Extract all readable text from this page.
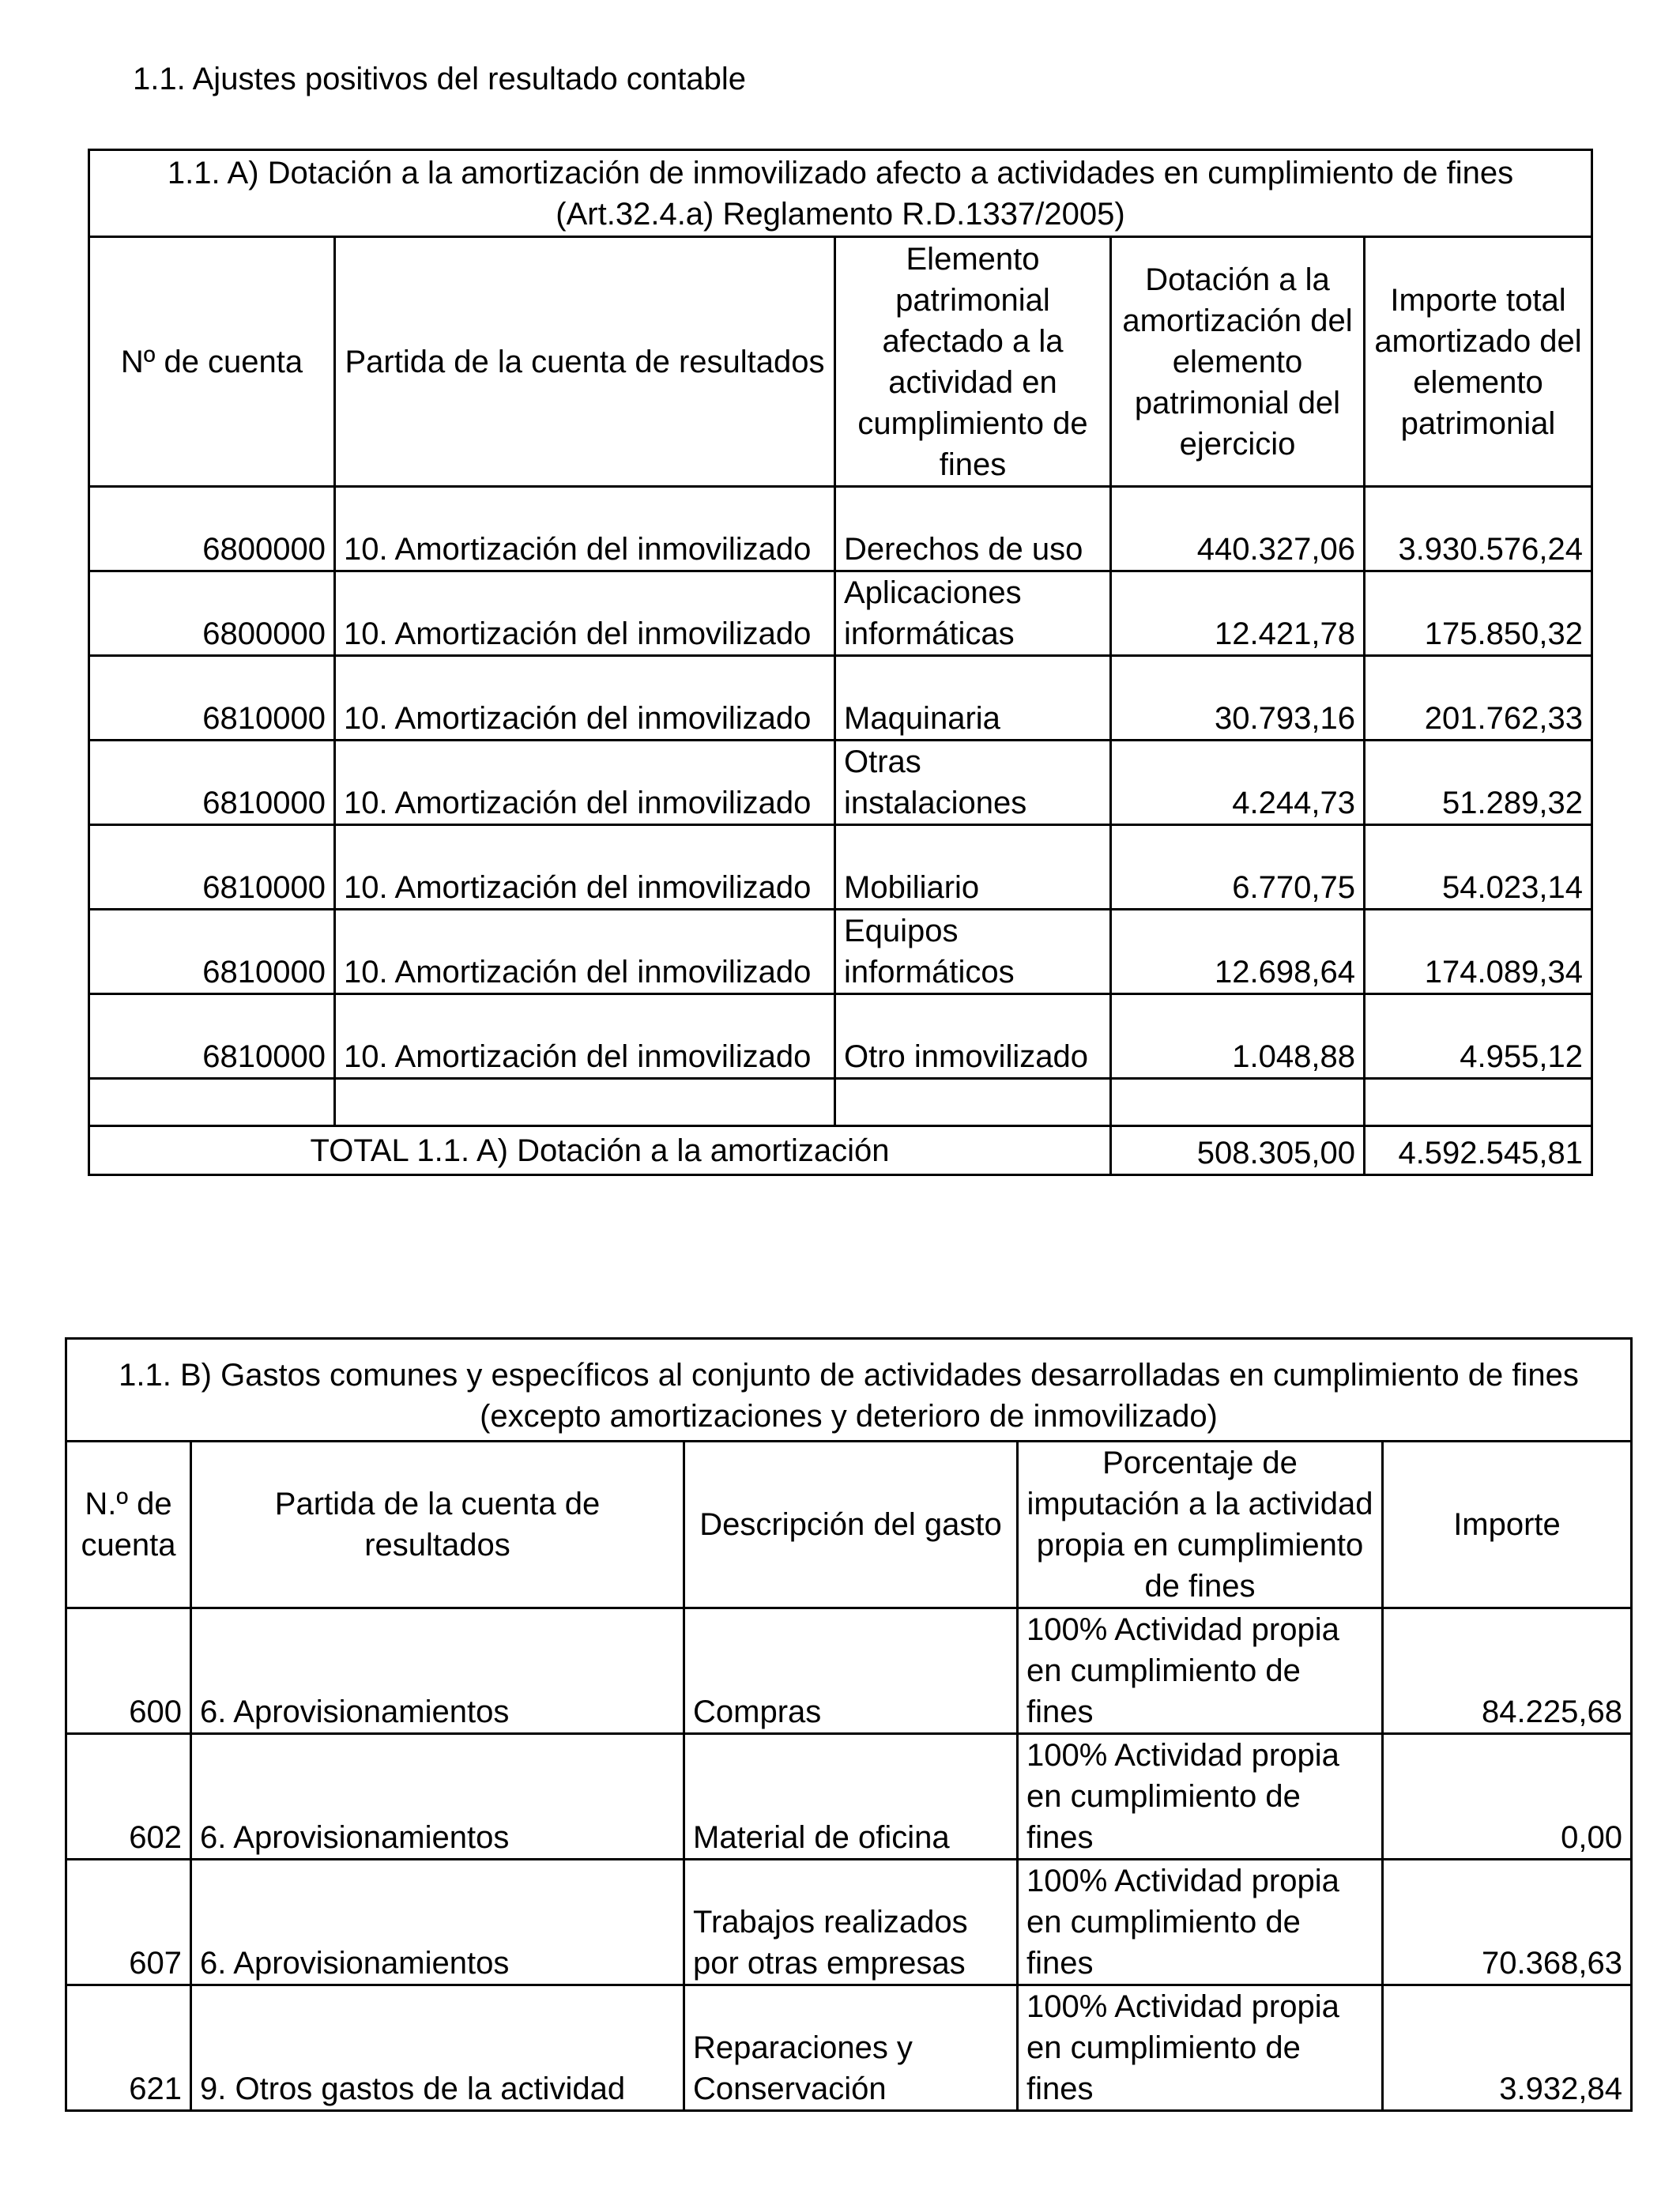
1.1. Ajustes positivos del resultado contable
1.1. A) Dotación a la amortización de inmovilizado afecto a actividades en cumplimiento de fines (Art.32.4.a) Reglamento R.D.1337/2005)				
Nº de cuenta	Partida de la cuenta de resultados	Elemento patrimonial afectado a la actividad en cumplimiento de fines	Dotación a la amortización del elemento patrimonial del ejercicio	Importe total amortizado del elemento patrimonial
6800000	10. Amortización del inmovilizado	Derechos de uso	440.327,06	3.930.576,24
6800000	10. Amortización del inmovilizado	Aplicaciones informáticas	12.421,78	175.850,32
6810000	10. Amortización del inmovilizado	Maquinaria	30.793,16	201.762,33
6810000	10. Amortización del inmovilizado	Otras instalaciones	4.244,73	51.289,32
6810000	10. Amortización del inmovilizado	Mobiliario	6.770,75	54.023,14
6810000	10. Amortización del inmovilizado	Equipos informáticos	12.698,64	174.089,34
6810000	10. Amortización del inmovilizado	Otro inmovilizado	1.048,88	4.955,12

TOTAL 1.1. A) Dotación a la amortización			508.305,00	4.592.545,81
1.1. B) Gastos comunes y específicos al conjunto de actividades desarrolladas en cumplimiento de fines (excepto amortizaciones y deterioro de inmovilizado)				
N.º de cuenta	Partida de la cuenta de resultados	Descripción del gasto	Porcentaje de imputación a la actividad propia en cumplimiento de fines	Importe
600	6. Aprovisionamientos	Compras	100% Actividad propia en cumplimiento de fines	84.225,68
602	6. Aprovisionamientos	Material de oficina	100% Actividad propia en cumplimiento de fines	0,00
607	6. Aprovisionamientos	Trabajos realizados por otras empresas	100% Actividad propia en cumplimiento de fines	70.368,63
621	9. Otros gastos de la actividad	Reparaciones y Conservación	100% Actividad propia en cumplimiento de fines	3.932,84
